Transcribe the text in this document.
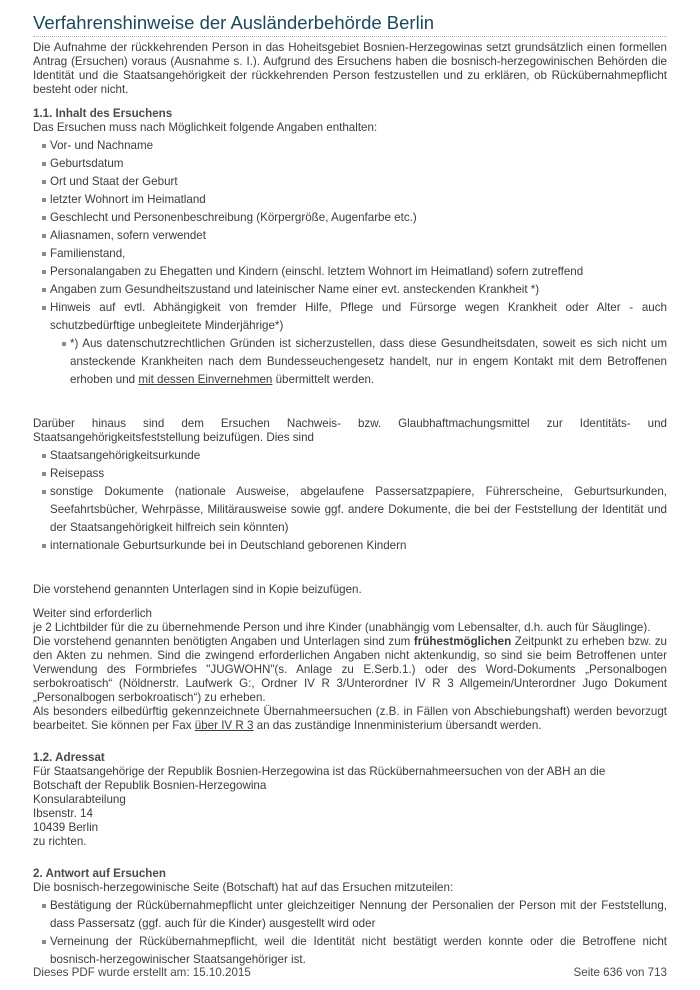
Verfahrenshinweise der Ausländerbehörde Berlin

Die Aufnahme der rückkehrenden Person in das Hoheitsgebiet Bosnien-Herzegowinas setzt grundsätzlich einen formellen Antrag (Ersuchen) voraus (Ausnahme s. I.). Aufgrund des Ersuchens haben die bosnisch-herzegowinischen Behörden die Identität und die Staatsangehörigkeit der rückkehrenden Person festzustellen und zu erklären, ob Rückübernahmepflicht besteht oder nicht.

1.1. Inhalt des Ersuchens

Das Ersuchen muss nach Möglichkeit folgende Angaben enthalten:

Vor- und Nachname
Geburtsdatum
Ort und Staat der Geburt
letzter Wohnort im Heimatland
Geschlecht und Personenbeschreibung (Körpergröße, Augenfarbe etc.)
Aliasnamen, sofern verwendet
Familienstand,
Personalangaben zu Ehegatten und Kindern (einschl. letztem Wohnort im Heimatland) sofern zutreffend
Angaben zum Gesundheitszustand und lateinischer Name einer evt. ansteckenden Krankheit *)
Hinweis auf evtl. Abhängigkeit von fremder Hilfe, Pflege und Fürsorge wegen Krankheit oder Alter - auch schutzbedürftige unbegleitete Minderjährige*)
*) Aus datenschutzrechtlichen Gründen ist sicherzustellen, dass diese Gesundheitsdaten, soweit es sich nicht um ansteckende Krankheiten nach dem Bundesseuchengesetz handelt, nur in engem Kontakt mit dem Betroffenen erhoben und mit dessen Einvernehmen übermittelt werden.

Darüber hinaus sind dem Ersuchen Nachweis- bzw. Glaubhaftmachungsmittel zur Identitäts- und Staatsangehörigkeitsfeststellung beizufügen. Dies sind

Staatsangehörigkeitsurkunde
Reisepass
sonstige Dokumente (nationale Ausweise, abgelaufene Passersatzpapiere, Führerscheine, Geburtsurkunden, Seefahrtsbücher, Wehrpässe, Militärausweise sowie ggf. andere Dokumente, die bei der Feststellung der Identität und der Staatsangehörigkeit hilfreich sein könnten)
internationale Geburtsurkunde bei in Deutschland geborenen Kindern

Die vorstehend genannten Unterlagen sind in Kopie beizufügen.

Weiter sind erforderlich

je 2 Lichtbilder für die zu übernehmende Person und ihre Kinder (unabhängig vom Lebensalter, d.h. auch für Säuglinge).

Die vorstehend genannten benötigten Angaben und Unterlagen sind zum frühestmöglichen Zeitpunkt zu erheben bzw. zu den Akten zu nehmen. Sind die zwingend erforderlichen Angaben nicht aktenkundig, so sind sie beim Betroffenen unter Verwendung des Formbriefes "JUGWOHN"(s. Anlage zu E.Serb.1.) oder des Word-Dokuments „Personalbogen serbokroatisch“ (Nöldnerstr. Laufwerk G:, Ordner IV R 3/Unterordner IV R 3 Allgemein/Unterordner Jugo Dokument „Personalbogen serbokroatisch“) zu erheben.

Als besonders eilbedürftig gekennzeichnete Übernahmeersuchen (z.B. in Fällen von Abschiebungshaft) werden bevorzugt bearbeitet. Sie können per Fax über IV R 3 an das zuständige Innenministerium übersandt werden.

1.2. Adressat

Für Staatsangehörige der Republik Bosnien-Herzegowina ist das Rückübernahmeersuchen von der ABH an die

Botschaft der Republik Bosnien-Herzegowina

Konsularabteilung

Ibsenstr. 14

10439 Berlin

zu richten.

2. Antwort auf Ersuchen

Die bosnisch-herzegowinische Seite (Botschaft) hat auf das Ersuchen mitzuteilen:

Bestätigung der Rückübernahmepflicht unter gleichzeitiger Nennung der Personalien der Person mit der Feststellung, dass Passersatz (ggf. auch für die Kinder) ausgestellt wird oder
Verneinung der Rückübernahmepflicht, weil die Identität nicht bestätigt werden konnte oder die Betroffene nicht bosnisch-herzegowinischer Staatsangehöriger ist.
Dieses PDF wurde erstellt am: 15.10.2015	Seite 636 von 713
